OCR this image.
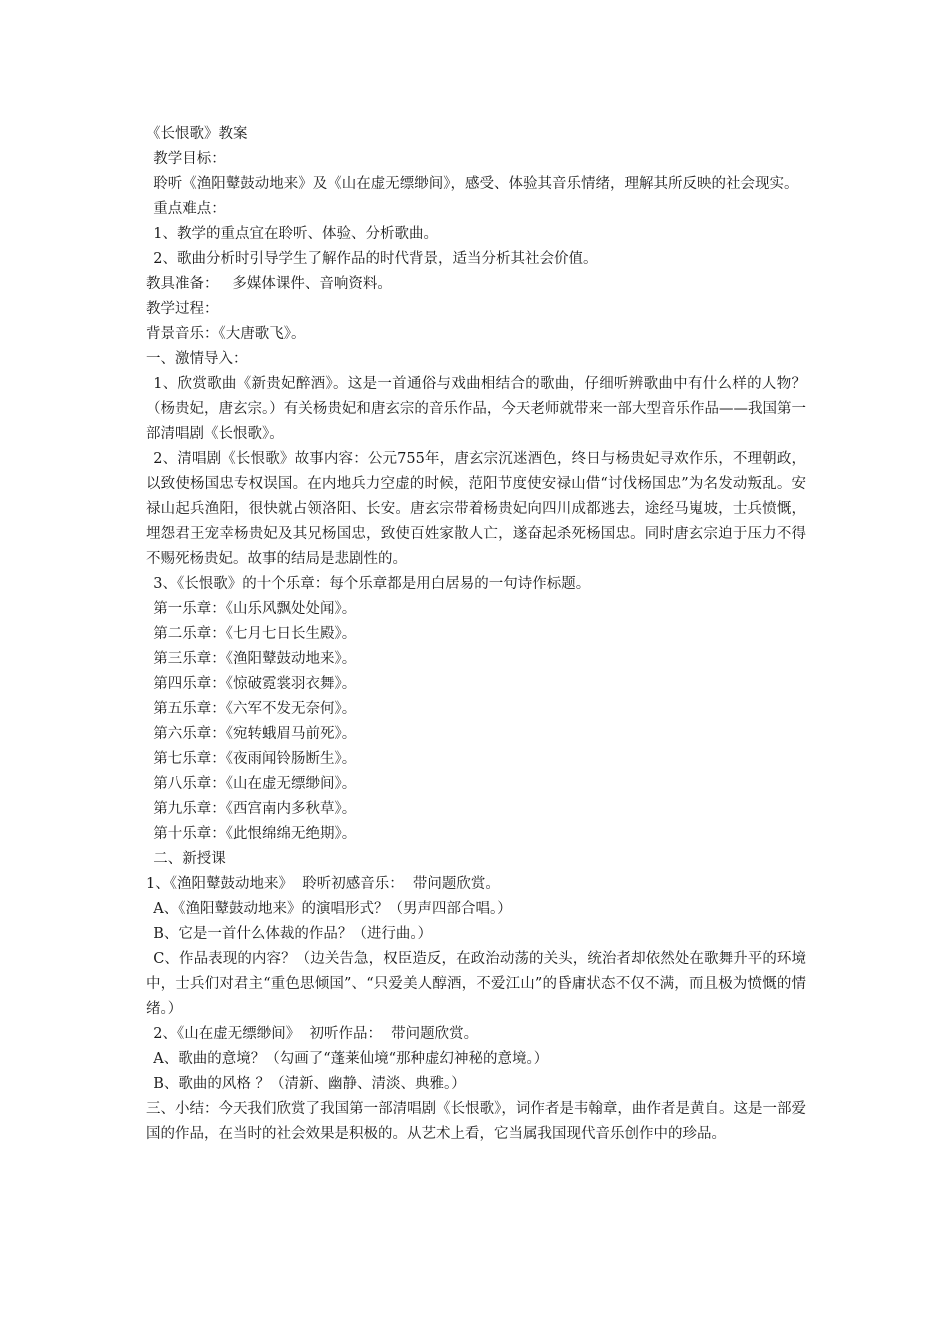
《长恨歌》教案
教学目标：
聆听《渔阳鼙鼓动地来》及《山在虚无缥缈间》，感受、体验其音乐情绪，理解其所反映的社会现实。
重点难点：
1、教学的重点宜在聆听、体验、分析歌曲。
2、歌曲分析时引导学生了解作品的时代背景，适当分析其社会价值。
教具准备：   多媒体课件、音响资料。
教学过程：
背景音乐：《大唐歌飞》。
一、激情导入：
1、欣赏歌曲《新贵妃醉酒》。这是一首通俗与戏曲相结合的歌曲，仔细听辨歌曲中有什么样的人物？（杨贵妃，唐玄宗。）有关杨贵妃和唐玄宗的音乐作品，今天老师就带来一部大型音乐作品——我国第一部清唱剧《长恨歌》。
2、清唱剧《长恨歌》故事内容：公元755年，唐玄宗沉迷酒色，终日与杨贵妃寻欢作乐，不理朝政，以致使杨国忠专权误国。在内地兵力空虚的时候，范阳节度使安禄山借“讨伐杨国忠”为名发动叛乱。安禄山起兵渔阳，很快就占领洛阳、长安。唐玄宗带着杨贵妃向四川成都逃去，途经马嵬坡，士兵愤慨，埋怨君王宠幸杨贵妃及其兄杨国忠，致使百姓家散人亡，遂奋起杀死杨国忠。同时唐玄宗迫于压力不得不赐死杨贵妃。故事的结局是悲剧性的。
3、《长恨歌》的十个乐章：每个乐章都是用白居易的一句诗作标题。
第一乐章：《山乐风飘处处闻》。
第二乐章：《七月七日长生殿》。
第三乐章：《渔阳鼙鼓动地来》。
第四乐章：《惊破霓裳羽衣舞》。
第五乐章：《六军不发无奈何》。
第六乐章：《宛转蛾眉马前死》。
第七乐章：《夜雨闻铃肠断生》。
第八乐章：《山在虚无缥缈间》。
第九乐章：《西宫南内多秋草》。
第十乐章：《此恨绵绵无绝期》。
二、新授课
1、《渔阳鼙鼓动地来》  聆听初感音乐：  带问题欣赏。
A、《渔阳鼙鼓动地来》的演唱形式？（男声四部合唱。）
B、它是一首什么体裁的作品？（进行曲。）
C、作品表现的内容？（边关告急，权臣造反，在政治动荡的关头，统治者却依然处在歌舞升平的环境中，士兵们对君主“重色思倾国”、“只爱美人醇酒，不爱江山”的昏庸状态不仅不满，而且极为愤慨的情绪。）
2、《山在虚无缥缈间》  初听作品：  带问题欣赏。
A、歌曲的意境？（勾画了“蓬莱仙境“那种虚幻神秘的意境。）
B、歌曲的风格 ？（清新、幽静、清淡、典雅。）
三、小结：今天我们欣赏了我国第一部清唱剧《长恨歌》，词作者是韦翰章，曲作者是黄自。这是一部爱国的作品，在当时的社会效果是积极的。从艺术上看，它当属我国现代音乐创作中的珍品。
